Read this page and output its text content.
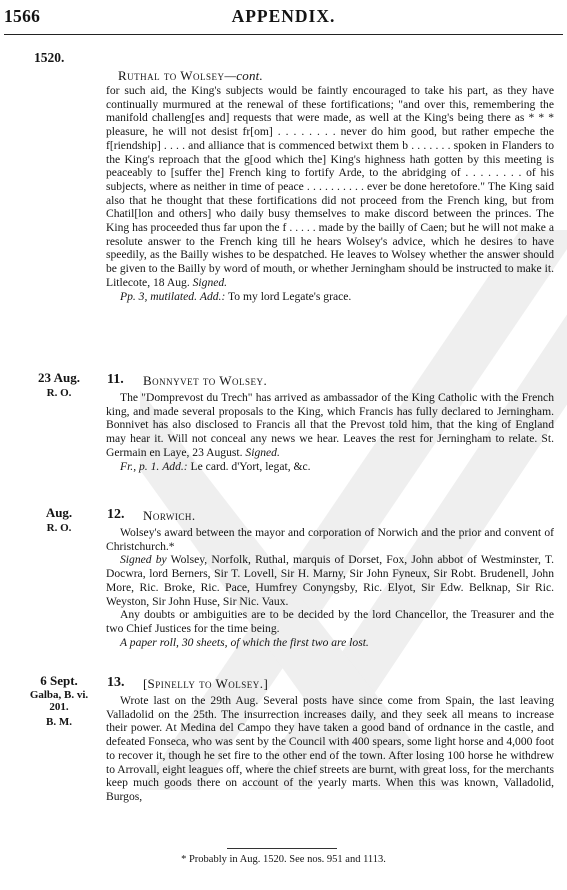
1566	APPENDIX.
1520.
Ruthal to Wolsey—cont.

for such aid, the King's subjects would be faintly encouraged to take his part, as they have continually murmured at the renewal of these fortifications; "and over this, remembering the manifold challeng[es and] requests that were made, as well at the King's being there as * * * pleasure, he will not desist fr[om] . . . . . . . . never do him good, but rather empeche the f[riendship] . . . . and alliance that is commenced betwixt them b . . . . . . . spoken in Flanders to the King's reproach that the g[ood which the] King's highness hath gotten by this meeting is peaceably to [suffer the] French king to fortify Arde, to the abridging of . . . . . . . . of his subjects, where as neither in time of peace . . . . . . . . . . ever be done heretofore." The King said also that he thought that these fortifications did not proceed from the French king, but from Chatil[lon and others] who daily busy themselves to make discord between the princes. The King has proceeded thus far upon the f . . . . . made by the bailly of Caen; but he will not make a resolute answer to the French king till he hears Wolsey's advice, which he desires to have speedily, as the Bailly wishes to be despatched. He leaves to Wolsey whether the answer should be given to the Bailly by word of mouth, or whether Jerningham should be instructed to make it. Litlecote, 18 Aug. Signed.

Pp. 3, mutilated. Add.: To my lord Legate's grace.

23 Aug.
R. O.
11. Bonnyvet to Wolsey.

The "Domprevost du Trech" has arrived as ambassador of the King Catholic with the French king, and made several proposals to the King, which Francis has fully declared to Jerningham. Bonnivet has also disclosed to Francis all that the Prevost told him, that the king of England may hear it. Will not conceal any news we hear. Leaves the rest for Jerningham to relate. St. Germain en Laye, 23 August. Signed.

Fr., p. 1. Add.: Le card. d'Yort, legat, &c.

Aug.
R. O.
12. Norwich.

Wolsey's award between the mayor and corporation of Norwich and the prior and convent of Christchurch.*

Signed by Wolsey, Norfolk, Ruthal, marquis of Dorset, Fox, John abbot of Westminster, T. Docwra, lord Berners, Sir T. Lovell, Sir H. Marny, Sir John Fyneux, Sir Robt. Brudenell, John More, Ric. Broke, Ric. Pace, Humfrey Conyngsby, Ric. Elyot, Sir Edw. Belknap, Sir Ric. Weyston, Sir John Huse, Sir Nic. Vaux.

Any doubts or ambiguities are to be decided by the lord Chancellor, the Treasurer and the two Chief Justices for the time being.

A paper roll, 30 sheets, of which the first two are lost.

6 Sept.
Galba, B. vi.
201.
B. M.
13. [Spinelly to Wolsey.]

Wrote last on the 29th Aug. Several posts have since come from Spain, the last leaving Valladolid on the 25th. The insurrection increases daily, and they seek all means to increase their power. At Medina del Campo they have taken a good band of ordnance in the castle, and defeated Fonseca, who was sent by the Council with 400 spears, some light horse and 4,000 foot to recover it, though he set fire to the other end of the town. After losing 100 horse he withdrew to Arrovall, eight leagues off, where the chief streets are burnt, with great loss, for the merchants keep much goods there on account of the yearly marts. When this was known, Valladolid, Burgos,

* Probably in Aug. 1520. See nos. 951 and 1113.
